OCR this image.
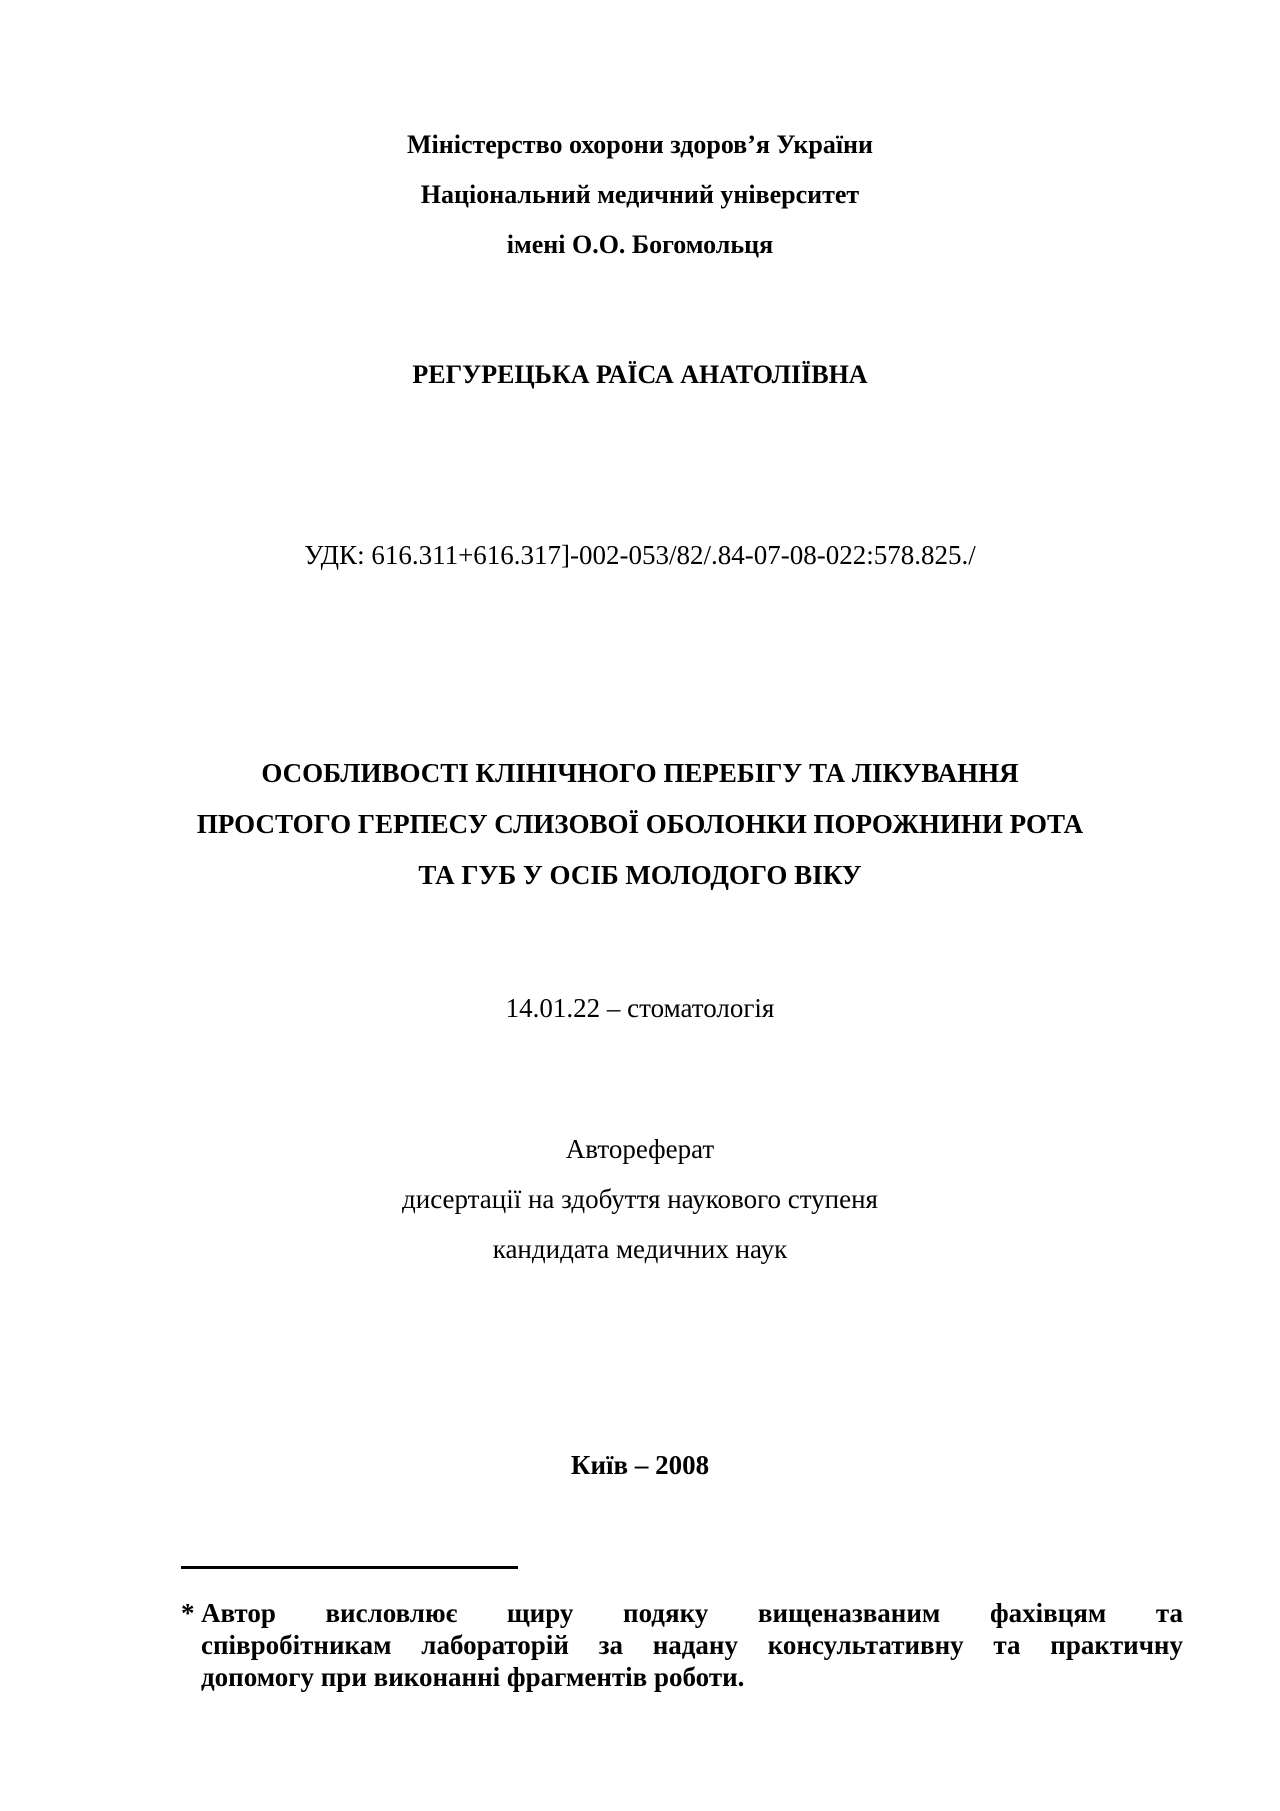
Міністерство охорони здоров’я України
Національний медичний університет
імені О.О. Богомольця
РЕГУРЕЦЬКА РАЇСА АНАТОЛІЇВНА
УДК: 616.311+616.317]-002-053/82/.84-07-08-022:578.825./
ОСОБЛИВОСТІ КЛІНІЧНОГО ПЕРЕБІГУ ТА ЛІКУВАННЯ
ПРОСТОГО ГЕРПЕСУ СЛИЗОВОЇ ОБОЛОНКИ ПОРОЖНИНИ РОТА
ТА ГУБ У ОСІБ МОЛОДОГО ВІКУ
14.01.22 – стоматологія
Автореферат
дисертації на здобуття наукового ступеня
кандидата медичних наук
Київ – 2008
* Автор висловлює щиру подяку вищеназваним фахівцям та
співробітникам лабораторій за надану консультативну та практичну
допомогу при виконанні фрагментів роботи.
